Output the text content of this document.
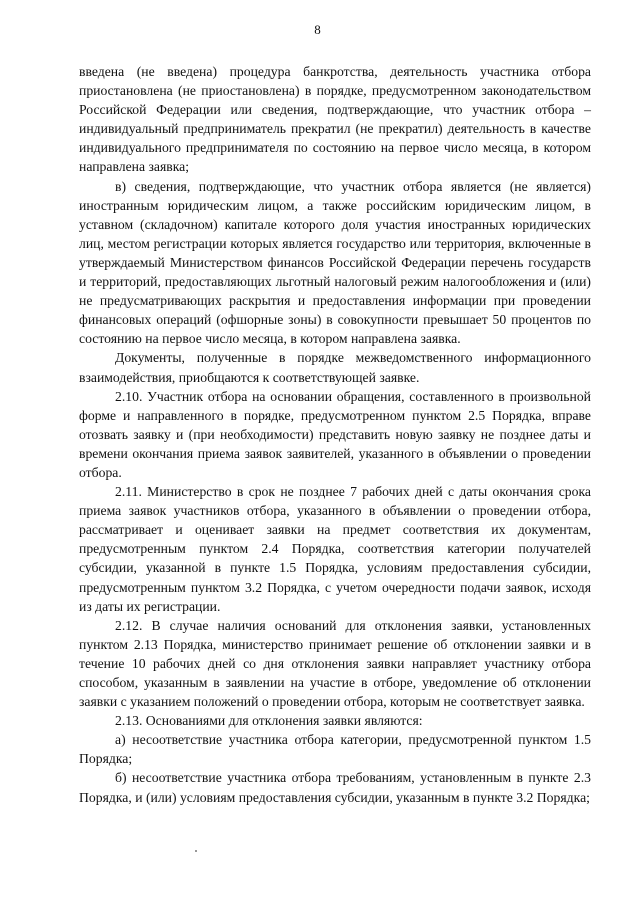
8

введена (не введена) процедура банкротства, деятельность участника отбора приостановлена (не приостановлена) в порядке, предусмотренном законодательством Российской Федерации или сведения, подтверждающие, что участник отбора – индивидуальный предприниматель прекратил (не прекратил) деятельность в качестве индивидуального предпринимателя по состоянию на первое число месяца, в котором направлена заявка;

в) сведения, подтверждающие, что участник отбора является (не является) иностранным юридическим лицом, а также российским юридическим лицом, в уставном (складочном) капитале которого доля участия иностранных юридических лиц, местом регистрации которых является государство или территория, включенные в утверждаемый Министерством финансов Российской Федерации перечень государств и территорий, предоставляющих льготный налоговый режим налогообложения и (или) не предусматривающих раскрытия и предоставления информации при проведении финансовых операций (офшорные зоны) в совокупности превышает 50 процентов по состоянию на первое число месяца, в котором направлена заявка.

Документы, полученные в порядке межведомственного информационного взаимодействия, приобщаются к соответствующей заявке.

2.10. Участник отбора на основании обращения, составленного в произвольной форме и направленного в порядке, предусмотренном пунктом 2.5 Порядка, вправе отозвать заявку и (при необходимости) представить новую заявку не позднее даты и времени окончания приема заявок заявителей, указанного в объявлении о проведении отбора.

2.11. Министерство в срок не позднее 7 рабочих дней с даты окончания срока приема заявок участников отбора, указанного в объявлении о проведении отбора, рассматривает и оценивает заявки на предмет соответствия их документам, предусмотренным пунктом 2.4 Порядка, соответствия категории получателей субсидии, указанной в пункте 1.5 Порядка, условиям предоставления субсидии, предусмотренным пунктом 3.2 Порядка, с учетом очередности подачи заявок, исходя из даты их регистрации.

2.12. В случае наличия оснований для отклонения заявки, установленных пунктом 2.13 Порядка, министерство принимает решение об отклонении заявки и в течение 10 рабочих дней со дня отклонения заявки направляет участнику отбора способом, указанным в заявлении на участие в отборе, уведомление об отклонении заявки с указанием положений о проведении отбора, которым не соответствует заявка.

2.13. Основаниями для отклонения заявки являются:

а) несоответствие участника отбора категории, предусмотренной пунктом 1.5 Порядка;

б) несоответствие участника отбора требованиям, установленным в пункте 2.3 Порядка, и (или) условиям предоставления субсидии, указанным в пункте 3.2 Порядка;
